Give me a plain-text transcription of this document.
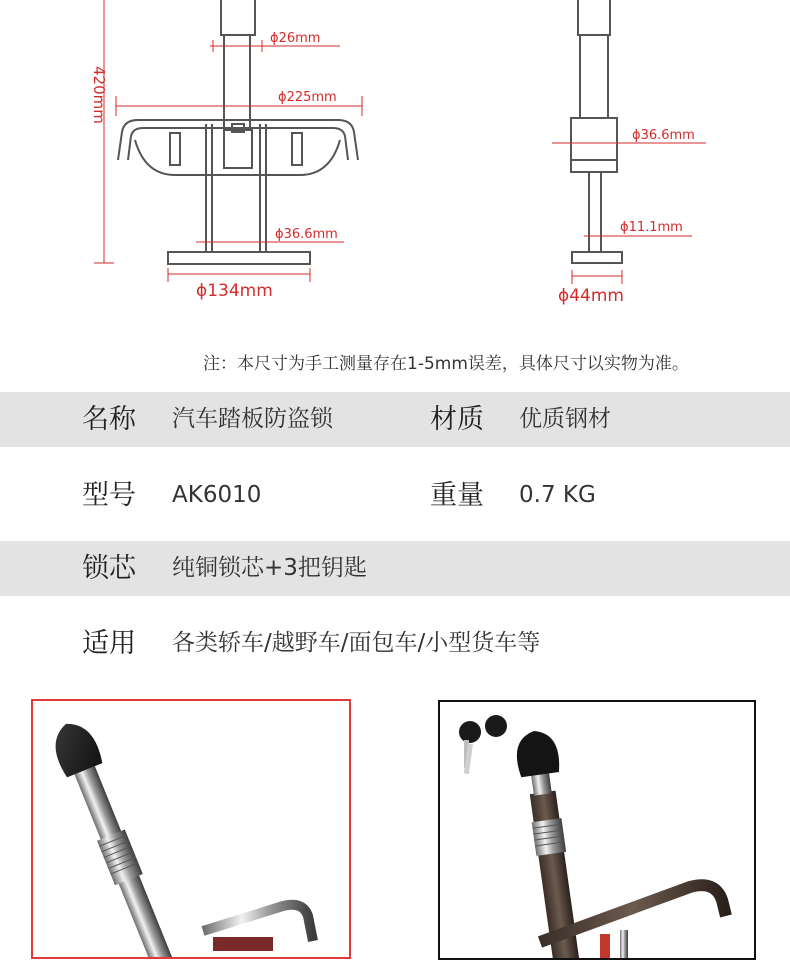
420mm
ϕ26mm
ϕ225mm
ϕ36.6mm
ϕ134mm
ϕ36.6mm
ϕ11.1mm
ϕ44mm
注：本尺寸为手工测量存在1-5mm误差，具体尺寸以实物为准。
名称 汽车踏板防盗锁	材质 优质钢材
型号 AK6010	重量 0.7 KG
锁芯 纯铜锁芯+3把钥匙
适用 各类轿车/越野车/面包车/小型货车等
